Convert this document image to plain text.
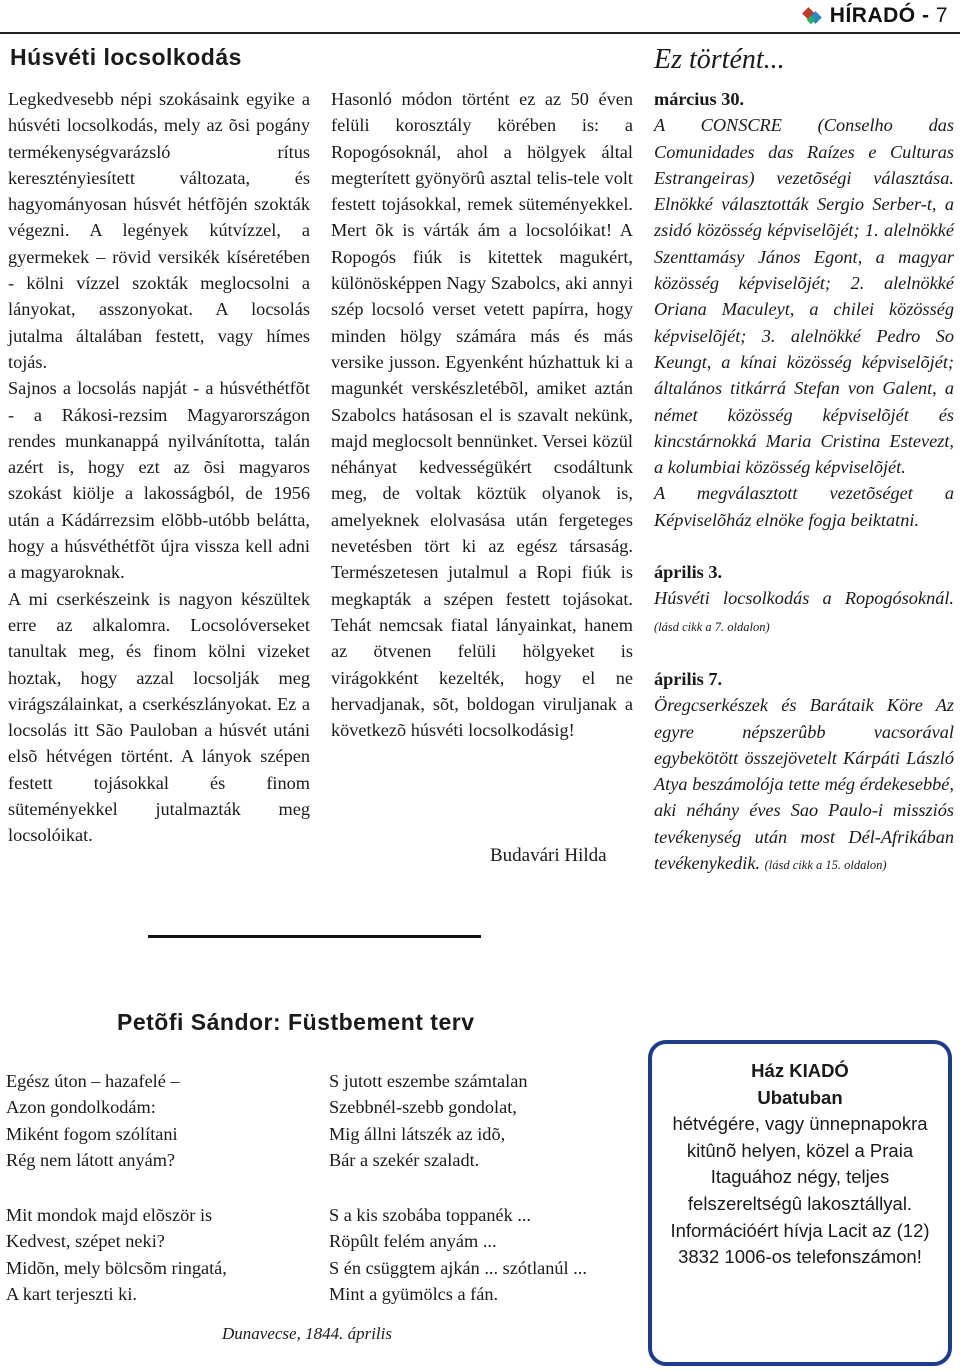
HÍRADÓ - 7
Húsvéti locsolkodás

Legkedvesebb népi szokásaink egyike a húsvéti locsolkodás, mely az õsi pogány termékenységvarázsló rítus keresztényiesített változata, és hagyományosan húsvét hétfõjén szokták végezni. A legények kútvízzel, a gyermekek – rövid versikék kíséretében - kölni vízzel szokták meglocsolni a lányokat, asszonyokat. A locsolás jutalma általában festett, vagy hímes tojás.

Sajnos a locsolás napját - a húsvéthétfõt - a Rákosi-rezsim Magyarországon rendes munkanappá nyilvánította, talán azért is, hogy ezt az õsi magyaros szokást kiölje a lakosságból, de 1956 után a Kádárrezsim elõbb-utóbb belátta, hogy a húsvéthétfõt újra vissza kell adni a magyaroknak.

A mi cserkészeink is nagyon készültek erre az alkalomra. Locsolóverseket tanultak meg, és finom kölni vizeket hoztak, hogy azzal locsolják meg virágszálainkat, a cserkészlányokat. Ez a locsolás itt São Pauloban a húsvét utáni elsõ hétvégen történt. A lányok szépen festett tojásokkal és finom süteményekkel jutalmazták meg locsolóikat.

Hasonló módon történt ez az 50 éven felüli korosztály körében is: a Ropogósoknál, ahol a hölgyek által megterített gyönyörû asztal telis-tele volt festett tojásokkal, remek süteményekkel. Mert õk is várták ám a locsolóikat! A Ropogós fiúk is kitettek magukért, különösképpen Nagy Szabolcs, aki annyi szép locsoló verset vetett papírra, hogy minden hölgy számára más és más versike jusson. Egyenként húzhattuk ki a magunkét verskészletébõl, amiket aztán Szabolcs hatásosan el is szavalt nekünk, majd meglocsolt bennünket. Versei közül néhányat kedvességükért csodáltunk meg, de voltak köztük olyanok is, amelyeknek elolvasása után fergeteges nevetésben tört ki az egész társaság. Természetesen jutalmul a Ropi fiúk is megkapták a szépen festett tojásokat. Tehát nemcsak fiatal lányainkat, hanem az ötvenen felüli hölgyeket is virágokként kezelték, hogy el ne hervadjanak, sõt, boldogan viruljanak a következõ húsvéti locsolkodásig!

Budavári Hilda
Ez történt...
március 30.
A CONSCRE (Conselho das Comunidades das Raízes e Culturas Estrangeiras) vezetõségi választása. Elnökké választották Sergio Serber-t, a zsidó közösség képviselõjét; 1. alelnökké Szenttamásy János Egont, a magyar közösség képviselõjét; 2. alelnökké Oriana Maculeyt, a chilei közösség képviselõjét; 3. alelnökké Pedro So Keungt, a kínai közösség képviselõjét; általános titkárrá Stefan von Galent, a német közösség képviselõjét és kincstárnokká Maria Cristina Estevezt, a kolumbiai közösség képviselõjét.
A megválasztott vezetõséget a Képviselõház elnöke fogja beiktatni.
április 3.
Húsvéti locsolkodás a Ropogósoknál. (lásd cikk a 7. oldalon)
április 7.
Öregcserkészek és Barátaik Köre Az egyre népszerûbb vacsorával egybekötött összejövetelt Kárpáti László Atya beszámolója tette még érdekesebbé, aki néhány éves Sao Paulo-i missziós tevékenység után most Dél-Afrikában tevékenykedik. (lásd cikk a 15. oldalon)
Petõfi Sándor: Füstbement terv
Egész úton – hazafelé –
Azon gondolkodám:
Miként fogom szólítani
Rég nem látott anyám?
Mit mondok majd elõször is
Kedvest, szépet neki?
Midõn, mely bölcsõm ringatá,
A kart terjeszti ki.
S jutott eszembe számtalan
Szebbnél-szebb gondolat,
Mig állni látszék az idõ,
Bár a szekér szaladt.
S a kis szobába toppanék ...
Röpûlt felém anyám ...
S én csüggtem ajkán ... szótlanúl ...
Mint a gyümölcs a fán.
Dunavecse, 1844. április
Ház KIADÓ
Ubatuban
hétvégére, vagy ünnepnapokra kitûnõ helyen, közel a Praia Itaguához négy, teljes felszereltségû lakosztállyal. Információért hívja Lacit az (12) 3832 1006-os telefonszámon!
